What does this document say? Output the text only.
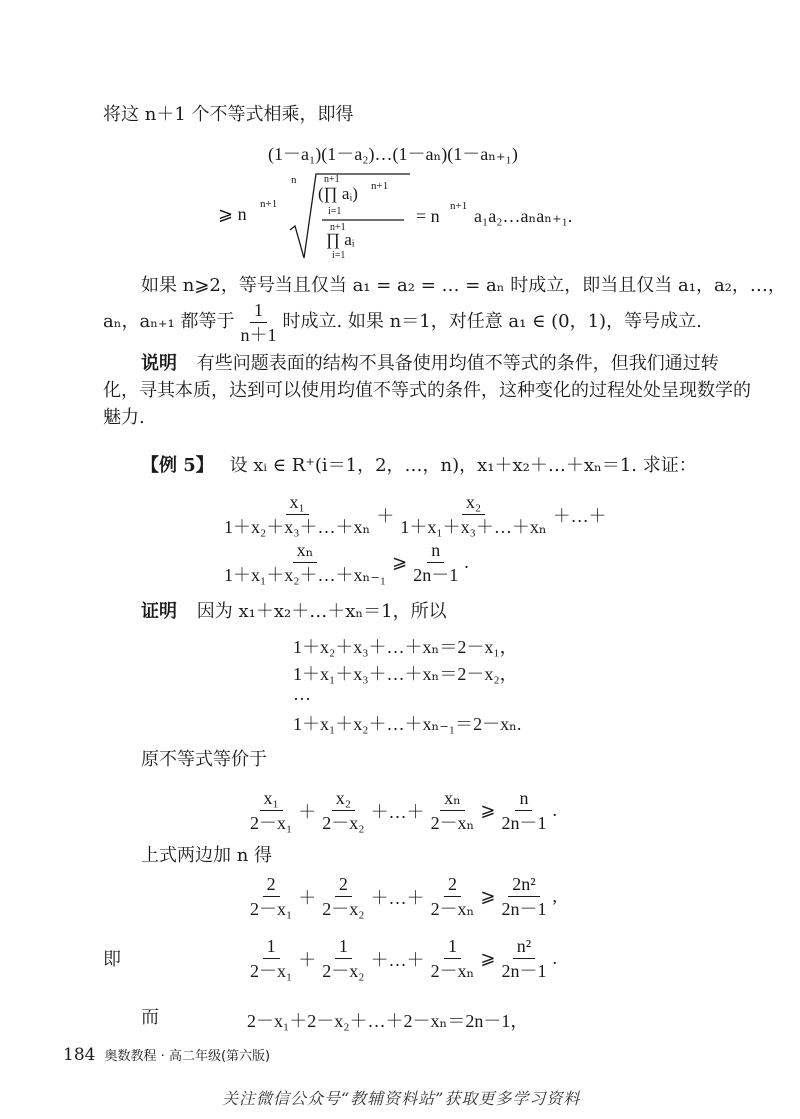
将这 n＋1 个不等式相乘，即得
(1－a₁)(1－a₂)…(1－aₙ)(1－aₙ₊₁)
⩾ n n+1
n	n+1
(∏ aᵢ) n+1
i=1
n+1
∏ aᵢ
i=1
= n n+1 a₁a₂…aₙaₙ₊₁.
如果 n⩾2，等号当且仅当 a₁ = a₂ = … = aₙ 时成立，即当且仅当 a₁，a₂，…，
aₙ，aₙ₊₁ 都等于 $\frac{1}{n+1}$ 时成立. 如果 n＝1，对任意 a₁ ∈ (0，1)，等号成立.
说明 有些问题表面的结构不具备使用均值不等式的条件，但我们通过转
化，寻其本质，达到可以使用均值不等式的条件，这种变化的过程处处呈现数学的
魅力.
【例 5】 设 xᵢ ∈ R⁺(i＝1，2，…，n)，x₁＋x₂＋…＋xₙ＝1. 求证：
$\frac{\text{x₁}}{\text{1＋x₂＋x₃＋…＋xₙ}} + \frac{\text{x₂}}{\text{1＋x₁＋x₃＋…＋xₙ}}$ ＋…＋
$\frac{\text{xₙ}}{\text{1＋x₁＋x₂＋…＋xₙ₋₁}}$ ⩾ $\frac{n}{2n-1}$ .
证明 因为 x₁＋x₂＋…＋xₙ＝1，所以
1＋x₂＋x₃＋…＋xₙ＝2－x₁，
1＋x₁＋x₃＋…＋xₙ＝2－x₂，
…
1＋x₁＋x₂＋…＋xₙ₋₁＝2－xₙ.
原不等式等价于
$\frac{\text{x₁}}{\text{2－x₁}} + \frac{\text{x₂}}{\text{2－x₂}}$ ＋…＋ $\frac{\text{xₙ}}{\text{2－xₙ}}$ ⩾ $\frac{n}{2n-1}$ .
上式两边加 n 得
$\frac{2}{\text{2－x₁}} + \frac{2}{\text{2－x₂}}$ ＋…＋ $\frac{2}{\text{2－xₙ}}$ ⩾ $\frac{\text{2n²}}{2n-1}$ ,
即	$\frac{1}{\text{2－x₁}} + \frac{1}{\text{2－x₂}}$ ＋…＋ $\frac{1}{\text{2－xₙ}}$ ⩾ $\frac{\text{n²}}{2n-1}$ .
而	2－x₁＋2－x₂＋…＋2－xₙ＝2n－1，
184 奥数教程 · 高二年级(第六版)
关注微信公众号“教辅资料站”获取更多学习资料
